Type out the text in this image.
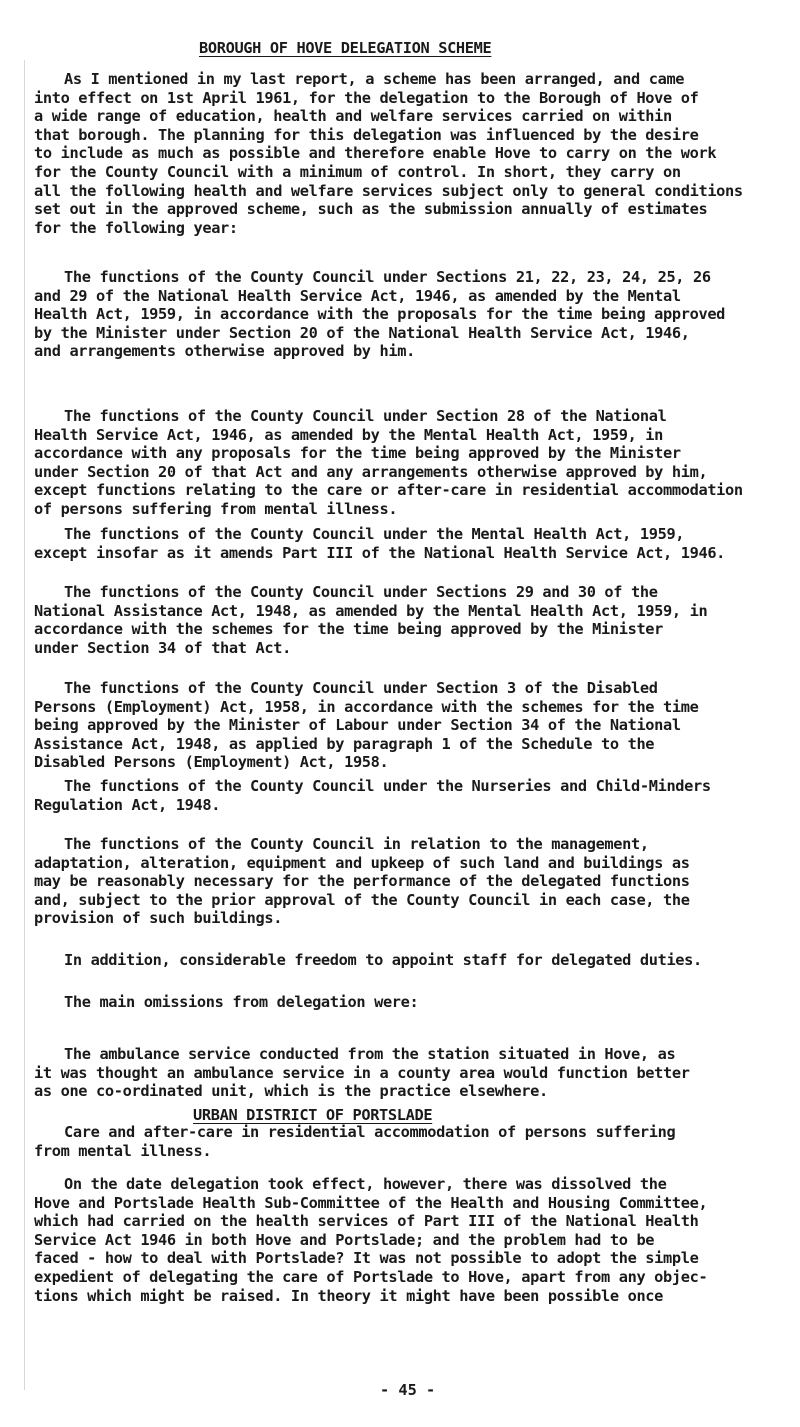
BOROUGH OF HOVE DELEGATION SCHEME
As I mentioned in my last report, a scheme has been arranged, and came
into effect on 1st April 1961, for the delegation to the Borough of Hove of
a wide range of education, health and welfare services carried on within
that borough. The planning for this delegation was influenced by the desire
to include as much as possible and therefore enable Hove to carry on the work
for the County Council with a minimum of control. In short, they carry on
all the following health and welfare services subject only to general conditions
set out in the approved scheme, such as the submission annually of estimates
for the following year:
The functions of the County Council under Sections 21, 22, 23, 24, 25, 26
and 29 of the National Health Service Act, 1946, as amended by the Mental
Health Act, 1959, in accordance with the proposals for the time being approved
by the Minister under Section 20 of the National Health Service Act, 1946,
and arrangements otherwise approved by him.
The functions of the County Council under Section 28 of the National
Health Service Act, 1946, as amended by the Mental Health Act, 1959, in
accordance with any proposals for the time being approved by the Minister
under Section 20 of that Act and any arrangements otherwise approved by him,
except functions relating to the care or after-care in residential accommodation
of persons suffering from mental illness.
The functions of the County Council under the Mental Health Act, 1959,
except insofar as it amends Part III of the National Health Service Act, 1946.
The functions of the County Council under Sections 29 and 30 of the
National Assistance Act, 1948, as amended by the Mental Health Act, 1959, in
accordance with the schemes for the time being approved by the Minister
under Section 34 of that Act.
The functions of the County Council under Section 3 of the Disabled
Persons (Employment) Act, 1958, in accordance with the schemes for the time
being approved by the Minister of Labour under Section 34 of the National
Assistance Act, 1948, as applied by paragraph 1 of the Schedule to the
Disabled Persons (Employment) Act, 1958.
The functions of the County Council under the Nurseries and Child-Minders
Regulation Act, 1948.
The functions of the County Council in relation to the management,
adaptation, alteration, equipment and upkeep of such land and buildings as
may be reasonably necessary for the performance of the delegated functions
and, subject to the prior approval of the County Council in each case, the
provision of such buildings.
In addition, considerable freedom to appoint staff for delegated duties.
The main omissions from delegation were:
The ambulance service conducted from the station situated in Hove, as
it was thought an ambulance service in a county area would function better
as one co-ordinated unit, which is the practice elsewhere.
Care and after-care in residential accommodation of persons suffering
from mental illness.
On the date delegation took effect, however, there was dissolved the
Hove and Portslade Health Sub-Committee of the Health and Housing Committee,
which had carried on the health services of Part III of the National Health
Service Act 1946 in both Hove and Portslade; and the problem had to be
faced - how to deal with Portslade? It was not possible to adopt the simple
expedient of delegating the care of Portslade to Hove, apart from any objec-
tions which might be raised. In theory it might have been possible once
URBAN DISTRICT OF PORTSLADE
- 45 -
